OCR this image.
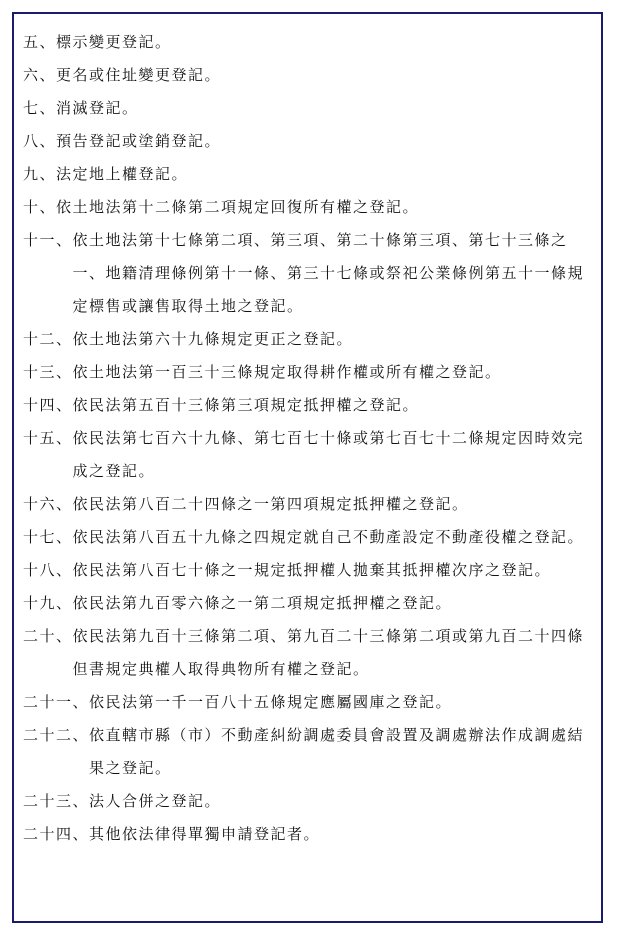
五、 標示變更登記。
六、 更名或住址變更登記。
七、 消滅登記。
八、 預告登記或塗銷登記。
九、 法定地上權登記。
十、 依土地法第十二條第二項規定回復所有權之登記。
十一、 依土地法第十七條第二項、第三項、第二十條第三項、第七十三條之一、地籍清理條例第十一條、第三十七條或祭祀公業條例第五十一條規定標售或讓售取得土地之登記。
十二、 依土地法第六十九條規定更正之登記。
十三、 依土地法第一百三十三條規定取得耕作權或所有權之登記。
十四、 依民法第五百十三條第三項規定抵押權之登記。
十五、 依民法第七百六十九條、第七百七十條或第七百七十二條規定因時效完成之登記。
十六、 依民法第八百二十四條之一第四項規定抵押權之登記。
十七、 依民法第八百五十九條之四規定就自己不動產設定不動產役權之登記。
十八、 依民法第八百七十條之一規定抵押權人拋棄其抵押權次序之登記。
十九、 依民法第九百零六條之一第二項規定抵押權之登記。
二十、 依民法第九百十三條第二項、第九百二十三條第二項或第九百二十四條但書規定典權人取得典物所有權之登記。
二十一、 依民法第一千一百八十五條規定應屬國庫之登記。
二十二、 依直轄市縣（市）不動產糾紛調處委員會設置及調處辦法作成調處結果之登記。
二十三、 法人合併之登記。
二十四、 其他依法律得單獨申請登記者。
